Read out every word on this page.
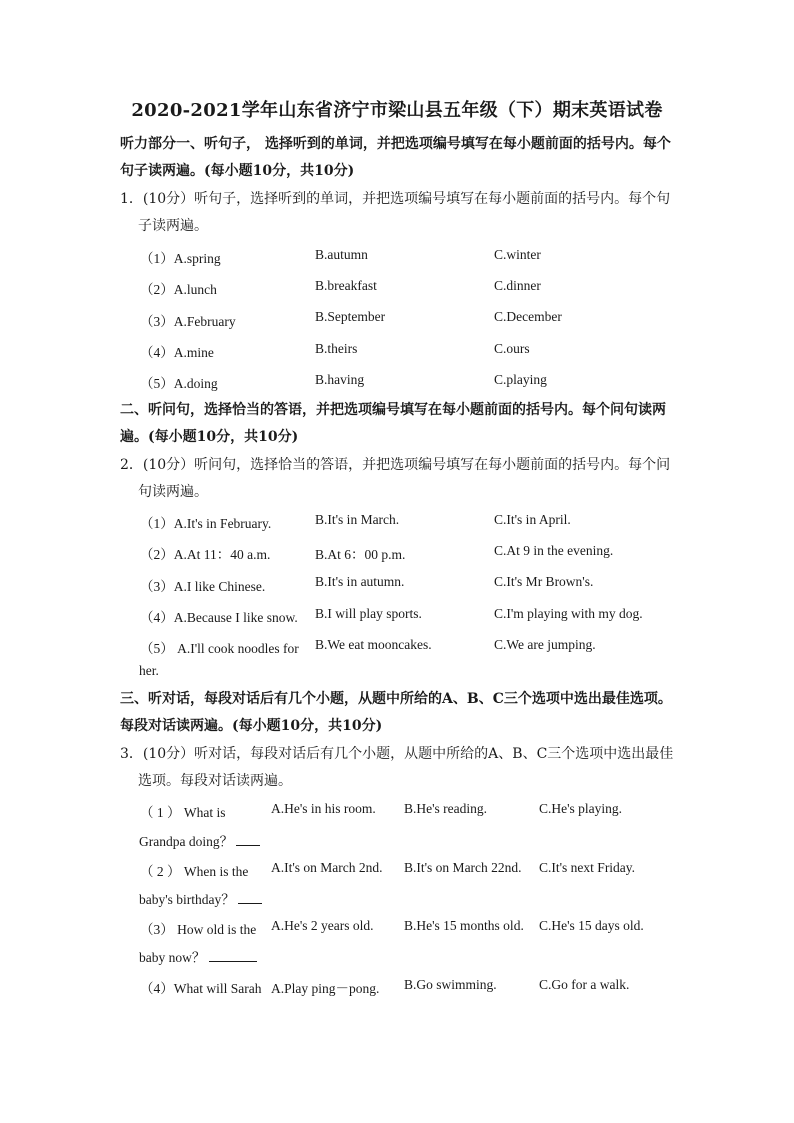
2020-2021学年山东省济宁市梁山县五年级（下）期末英语试卷
听力部分一、听句子， 选择听到的单词，并把选项编号填写在每小题前面的括号内。每个
句子读两遍。(每小题10分，共10分)
1．(10分）听句子，选择听到的单词，并把选项编号填写在每小题前面的括号内。每个句
子读两遍。
（1）A.spring	B.autumn	C.winter
（2）A.lunch	B.breakfast	C.dinner
（3）A.February	B.September	C.December
（4）A.mine	B.theirs	C.ours
（5）A.doing	B.having	C.playing
二、听问句，选择恰当的答语，并把选项编号填写在每小题前面的括号内。每个问句读两
遍。(每小题10分，共10分)
2．(10分）听问句，选择恰当的答语，并把选项编号填写在每小题前面的括号内。每个问
句读两遍。
（1）A.It's in February.	B.It's in March.	C.It's in April.
（2）A.At 11：40 a.m.	B.At 6：00 p.m.	C.At 9 in the evening.
（3）A.I like Chinese.	B.It's in autumn.	C.It's Mr Brown's.
（4）A.Because I like snow. B.I will play sports.	C.I'm playing with my dog.
（5） A.I'll cook noodles for
her.
B.We eat mooncakes.	C.We are jumping.
三、听对话，每段对话后有几个小题，从题中所给的A、B、C三个选项中选出最佳选项。
每段对话读两遍。(每小题10分，共10分)
3．(10分）听对话，每段对话后有几个小题，从题中所给的A、B、C三个选项中选出最佳
选项。每段对话读两遍。
（ 1 ） What is
Grandpa doing？
A.He's in his room. B.He's reading.	C.He's playing.
（ 2 ） When is the
baby's birthday？
A.It's on March 2nd. B.It's on March 22nd. C.It's next Friday.
（3） How old is the
baby now？
A.He's 2 years old. B.He's 15 months old. C.He's 15 days old.
（4）What will Sarah A.Play ping－pong. B.Go swimming.	C.Go for a walk.
